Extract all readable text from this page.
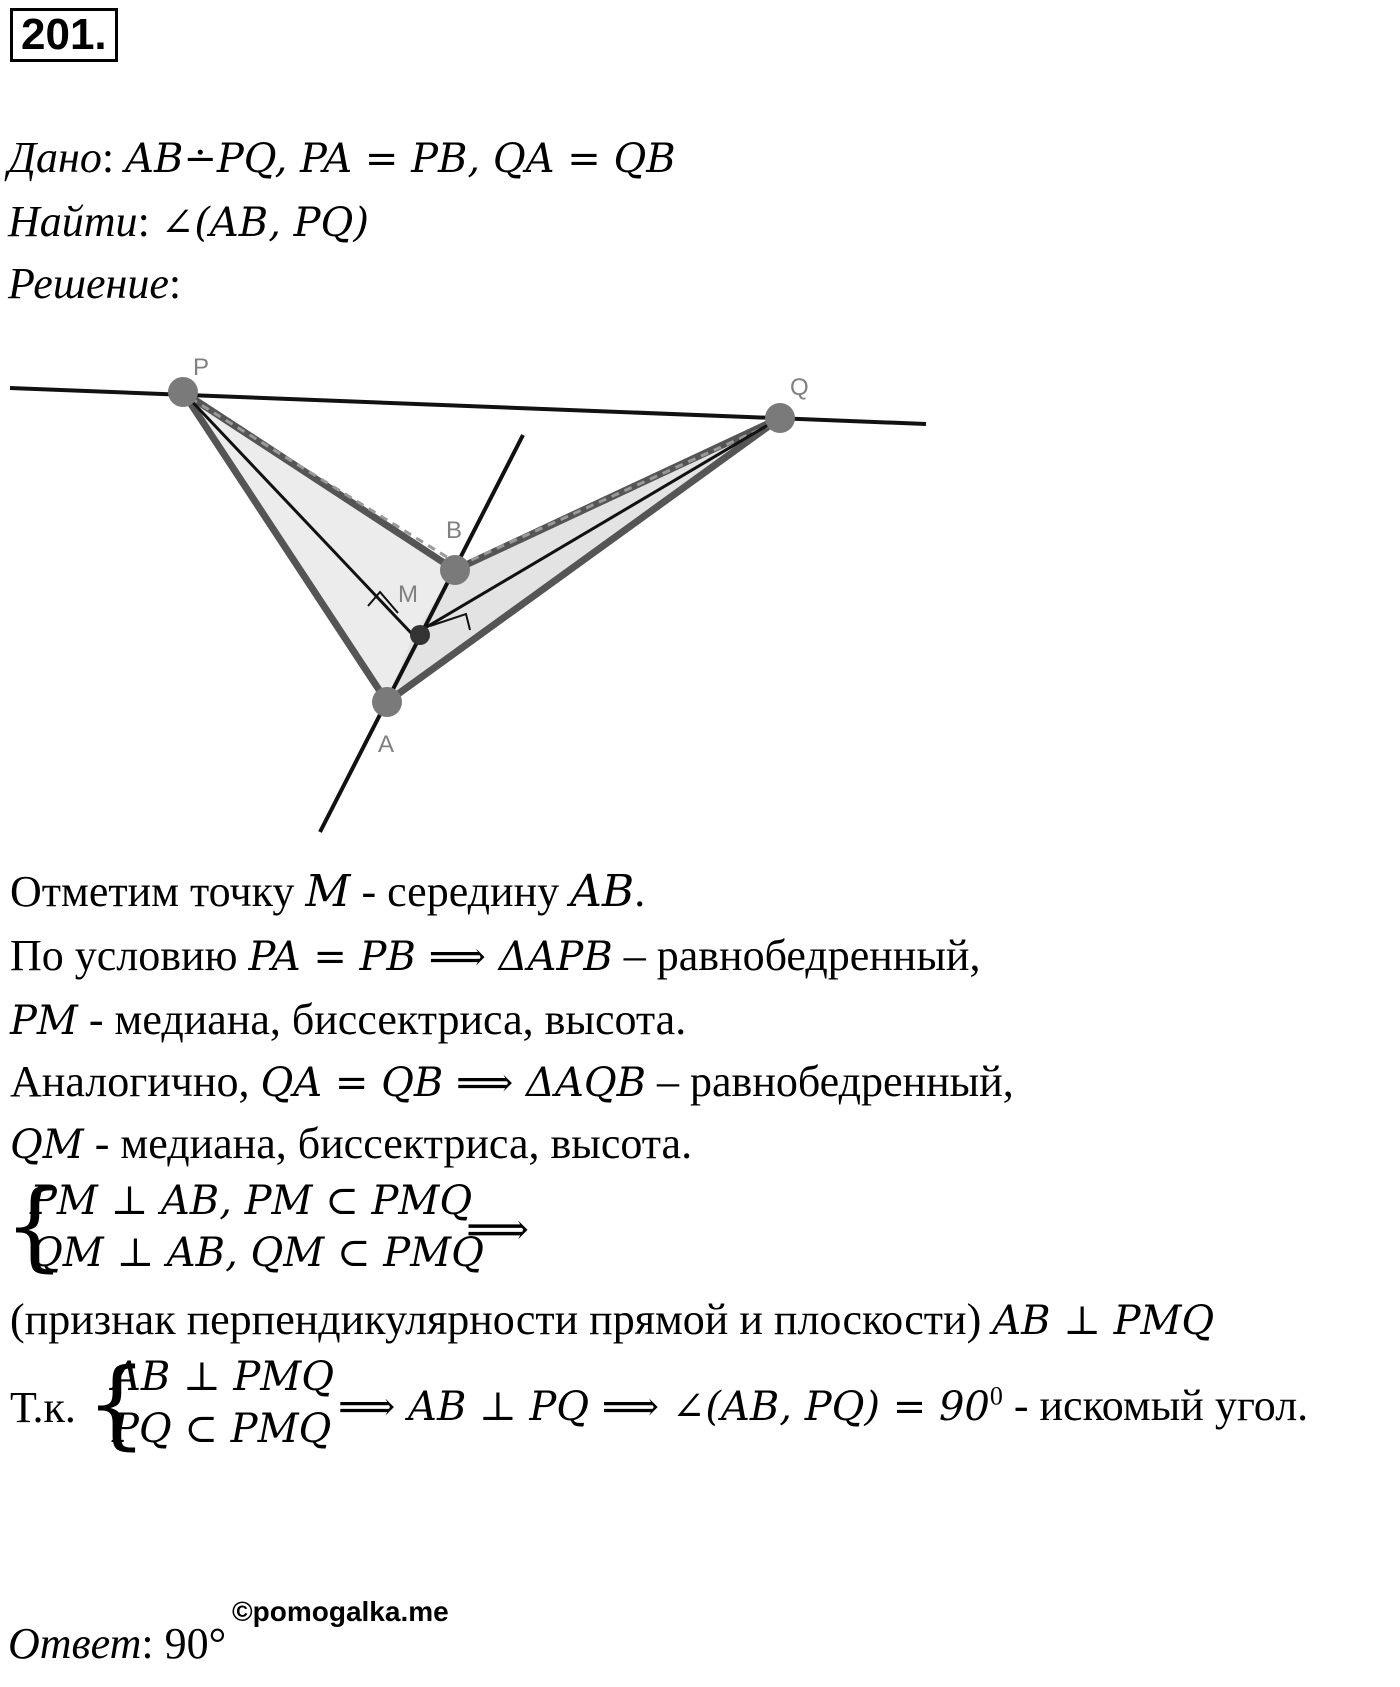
201.
Дано: AB∸PQ, PA = PB, QA = QB
Найти: ∠(AB, PQ)
Решение:
P
Q
B
A
M
Отметим точку M - середину AB.
По условию PA = PB ⟹ ΔAPB – равнобедренный,
PM - медиана, биссектриса, высота.
Аналогично, QA = QB ⟹ ΔAQB – равнобедренный,
QM - медиана, биссектриса, высота.
{
PM ⊥ AB, PM ⊂ PMQ
QM ⊥ AB, QM ⊂ PMQ
⟹
(признак перпендикулярности прямой и плоскости) AB ⊥ PMQ
Т.к. {
AB ⊥ PMQ
PQ ⊂ PMQ ⟹ AB ⊥ PQ ⟹ ∠(AB, $PQ) = 90^0$ - искомый угол.
Ответ: 90°
©pomogalka.me
